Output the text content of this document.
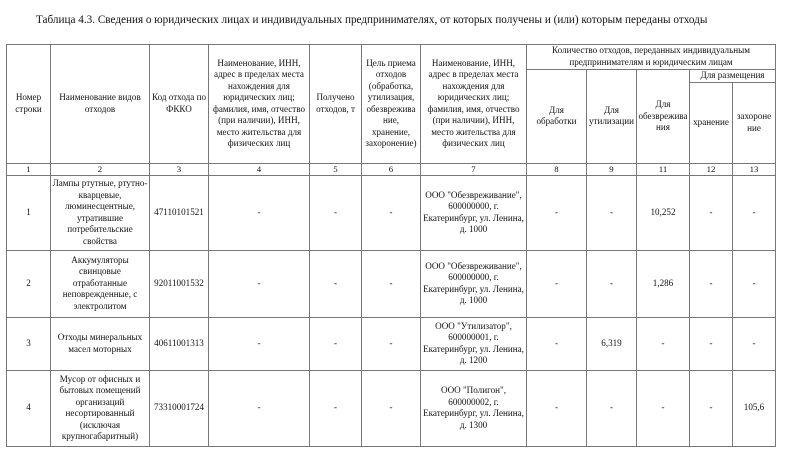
Таблица 4.3. Сведения о юридических лицах и индивидуальных предпринимателях, от которых получены и (или) которым переданы отходы
Номер строки	Наименование видов отходов	Код отхода по ФККО	Наименование, ИНН, адрес в пределах места нахождения для юридических лиц; фамилия, имя, отчество (при наличии), ИНН, место жительства для физических лиц	Получено отходов, т	Цель приема отходов (обработка, утилизация, обезврежива ние, хранение, захоронение)	Наименование, ИНН, адрес в пределах места нахождения для юридических лиц; фамилия, имя, отчество (при наличии), ИНН, место жительства для физических лиц	Количество отходов, переданных индивидуальным предпринимателям и юридическим лицам				
							Для обработки	Для утилизации	Для обезврежива ния	Для размещения	
										хранение	захороне ние
1	2	3	4	5	6	7	8	9	11	12	13
1	Лампы ртутные, ртутно-кварцевые, люминесцентные, утратившие потребительские свойства	47110101521	-	-	-	ООО "Обезвреживание", 600000000, г. Екатеринбург, ул. Ленина, д. 1000	-	-	10,252	-	-
2	Аккумуляторы свинцовые отработанные неповрежденные, с электролитом	92011001532	-	-	-	ООО "Обезвреживание", 600000000, г. Екатеринбург, ул. Ленина, д. 1000	-	-	1,286	-	-
3	Отходы минеральных масел моторных	40611001313	-	-	-	ООО "Утилизатор", 600000001, г. Екатеринбург, ул. Ленина, д. 1200	-	6,319	-	-	-
4	Мусор от офисных и бытовых помещений организаций несортированный (исключая крупногабаритный)	73310001724	-	-	-	ООО "Полигон", 600000002, г. Екатеринбург, ул. Ленина, д. 1300	-	-	-	-	105,6
